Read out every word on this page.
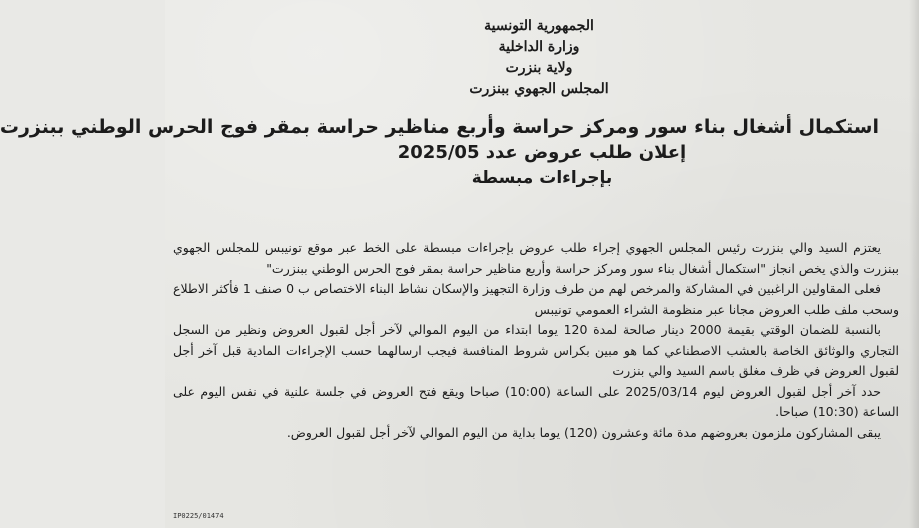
الجمهورية التونسية
وزارة الداخلية
ولاية بنزرت
المجلس الجهوي ببنزرت
استكمال أشغال بناء سور ومركز حراسة وأربع مناظير حراسة بمقر فوج الحرس الوطني ببنزرت
إعلان طلب عروض عدد 2025/05
بإجراءات مبسطة

يعتزم السيد والي بنزرت رئيس المجلس الجهوي إجراء طلب عروض بإجراءات مبسطة على الخط عبر موقع تونيبس للمجلس الجهوي ببنزرت والذي يخص انجاز "استكمال أشغال بناء سور ومركز حراسة وأربع مناظير حراسة بمقر فوج الحرس الوطني ببنزرت"

فعلى المقاولين الراغبين في المشاركة والمرخص لهم من طرف وزارة التجهيز والإسكان نشاط البناء الاختصاص ب 0 صنف 1 فأكثر الاطلاع وسحب ملف طلب العروض مجانا عبر منظومة الشراء العمومي تونيبس

بالنسبة للضمان الوقتي بقيمة 2000 دينار صالحة لمدة 120 يوما ابتداء من اليوم الموالي لآخر أجل لقبول العروض ونظير من السجل التجاري والوثائق الخاصة بالعشب الاصطناعي كما هو مبين بكراس شروط المنافسة فيجب ارسالهما حسب الإجراءات المادية قبل آخر أجل لقبول العروض في ظرف مغلق باسم السيد والي بنزرت

حدد آخر أجل لقبول العروض ليوم 2025/03/14 على الساعة (10:00) صباحا ويقع فتح العروض في جلسة علنية في نفس اليوم على الساعة (10:30) صباحا.

يبقى المشاركون ملزمون بعروضهم مدة مائة وعشرون (120) يوما بداية من اليوم الموالي لآخر أجل لقبول العروض.

IP0225/01474
